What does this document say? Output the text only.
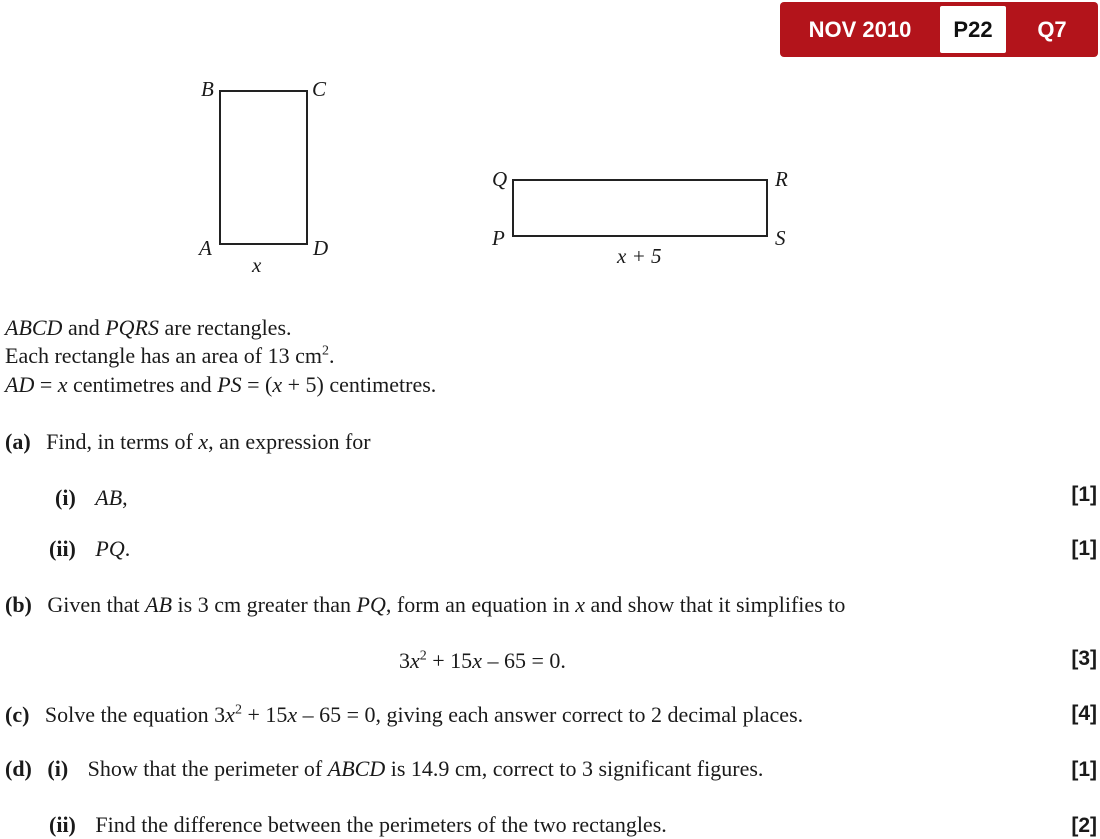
NOV 2010	P22	Q7
B	C
A	D
x
Q	R
P	S
x + 5
ABCD and PQRS are rectangles.
Each rectangle has an area of 13 $cm^2$.
AD = x centimetres and PS = (x + 5) centimetres.
(a) Find, in terms of x, an expression for
(i) AB,	[1]
(ii) PQ.	[1]
(b) Given that AB is 3 cm greater than PQ, form an equation in x and show that it simplifies to
$3x^2 + 15x - 65 = 0$.	[3]
(c) Solve the equation $3x^2 + 15x - 65 = 0$, giving each answer correct to 2 decimal places.	[4]
(d) (i) Show that the perimeter of ABCD is 14.9 cm, correct to 3 significant figures.	[1]
(ii) Find the difference between the perimeters of the two rectangles.	[2]
